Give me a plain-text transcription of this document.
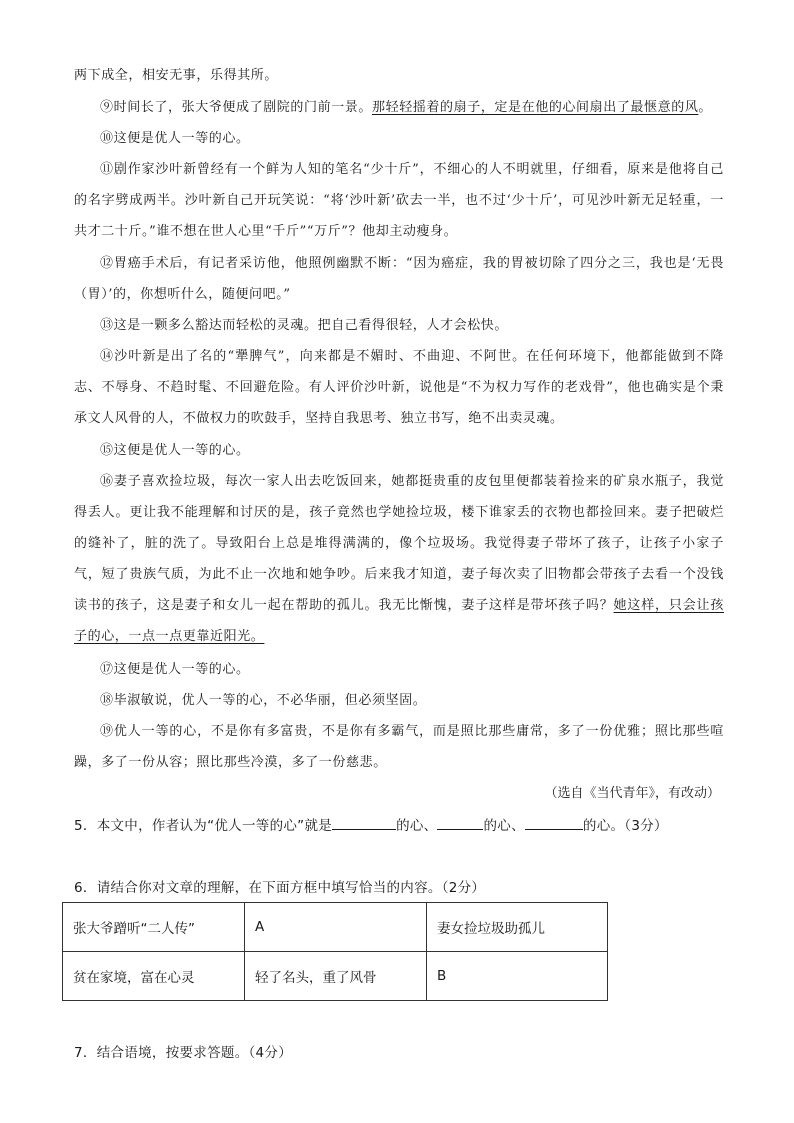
两下成全，相安无事，乐得其所。
⑨时间长了，张大爷便成了剧院的门前一景。那轻轻摇着的扇子，定是在他的心间扇出了最惬意的风。
⑩这便是优人一等的心。
⑪剧作家沙叶新曾经有一个鲜为人知的笔名“少十斤”，不细心的人不明就里，仔细看，原来是他将自己的名字劈成两半。沙叶新自己开玩笑说：“将‘沙叶新’砍去一半，也不过‘少十斤’，可见沙叶新无足轻重，一共才二十斤。”谁不想在世人心里“千斤”“万斤”？他却主动瘦身。
⑫胃癌手术后，有记者采访他，他照例幽默不断：“因为癌症，我的胃被切除了四分之三，我也是‘无畏（胃）’的，你想听什么，随便问吧。”
⑬这是一颗多么豁达而轻松的灵魂。把自己看得很轻，人才会松快。
⑭沙叶新是出了名的“犟脾气”，向来都是不媚时、不曲迎、不阿世。在任何环境下，他都能做到不降志、不辱身、不趋时髦、不回避危险。有人评价沙叶新，说他是“不为权力写作的老戏骨”，他也确实是个秉承文人风骨的人，不做权力的吹鼓手，坚持自我思考、独立书写，绝不出卖灵魂。
⑮这便是优人一等的心。
⑯妻子喜欢捡垃圾，每次一家人出去吃饭回来，她都挺贵重的皮包里便都装着捡来的矿泉水瓶子，我觉得丢人。更让我不能理解和讨厌的是，孩子竟然也学她捡垃圾，楼下谁家丢的衣物也都捡回来。妻子把破烂的缝补了，脏的洗了。导致阳台上总是堆得满满的，像个垃圾场。我觉得妻子带坏了孩子，让孩子小家子气，短了贵族气质，为此不止一次地和她争吵。后来我才知道，妻子每次卖了旧物都会带孩子去看一个没钱读书的孩子，这是妻子和女儿一起在帮助的孤儿。我无比惭愧，妻子这样是带坏孩子吗？她这样，只会让孩子的心，一点一点更靠近阳光。
⑰这便是优人一等的心。
⑱毕淑敏说，优人一等的心，不必华丽，但必须坚固。
⑲优人一等的心，不是你有多富贵，不是你有多霸气，而是照比那些庸常，多了一份优雅；照比那些喧躁，多了一份从容；照比那些冷漠，多了一份慈悲。
（选自《当代青年》，有改动）
5．本文中，作者认为“优人一等的心”就是	的心、	的心、	的心。（3分）
6．请结合你对文章的理解，在下面方框中填写恰当的内容。（2分）
张大爷蹭听“二人传”	A	妻女捡垃圾助孤儿
贫在家境，富在心灵	轻了名头，重了风骨	B
7．结合语境，按要求答题。（4分）
